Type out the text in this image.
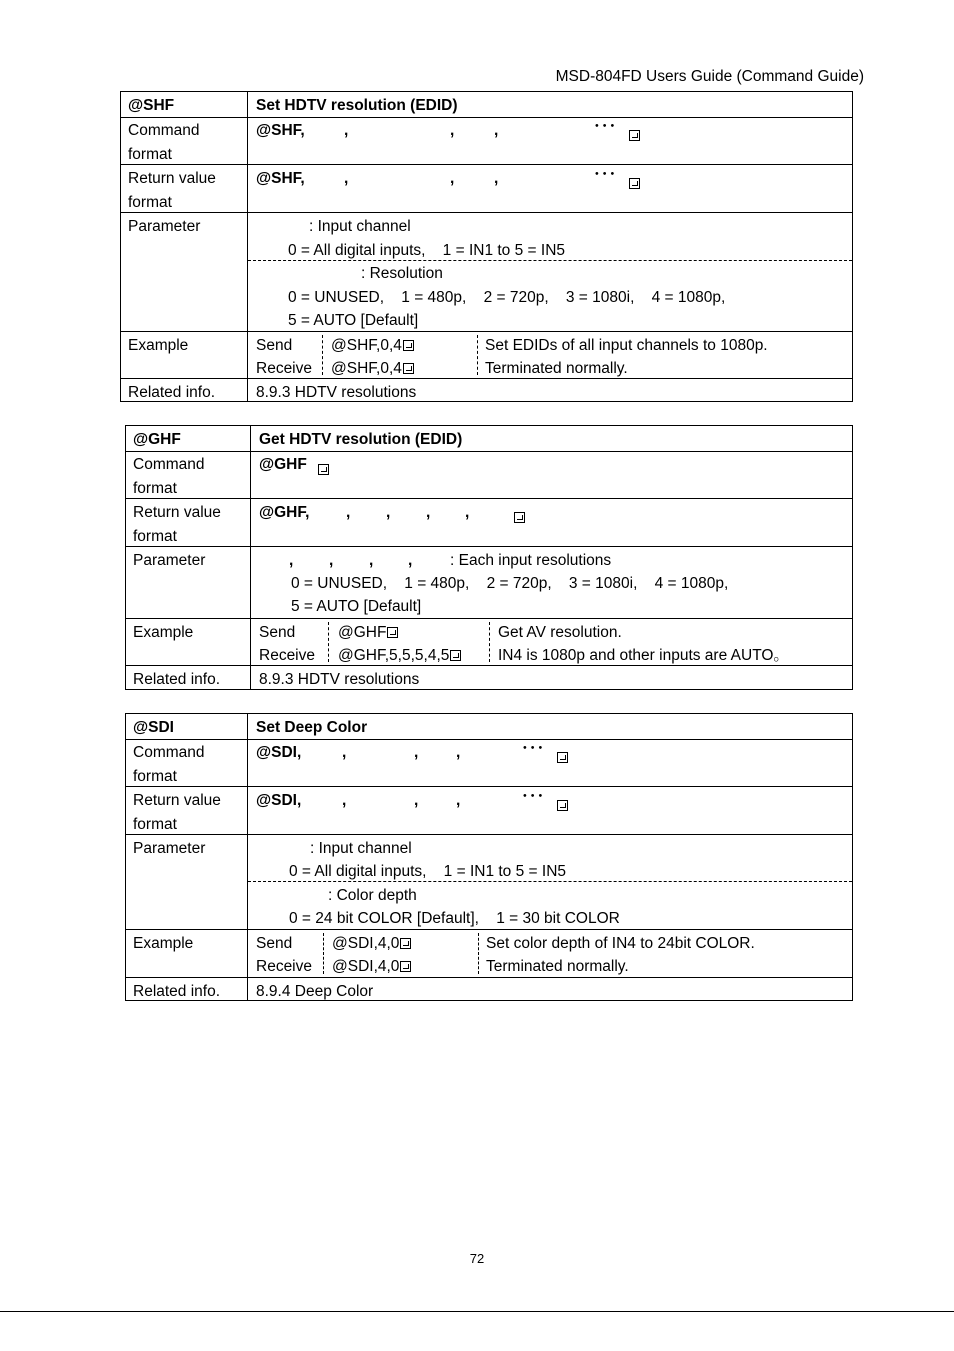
MSD-804FD Users Guide (Command Guide)
@SHF	Set HDTV resolution (EDID)
Command format
@SHF,	,	,	,	･･･
Return value format
@SHF,	,	,	,	･･･
Parameter	: Input channel
0 = All digital inputs,    1 = IN1 to 5 = IN5
: Resolution
0 = UNUSED,    1 = 480p,    2 = 720p,    3 = 1080i,    4 = 1080p,
5 = AUTO [Default]
Example	Send	@SHF,0,4	Set EDIDs of all input channels to 1080p.
Receive @SHF,0,4	Terminated normally.
Related info.	8.9.3 HDTV resolutions
@GHF	Get HDTV resolution (EDID)
Command format
@GHF
Return value format
@GHF, , , , ,
Parameter	, , , , : Each input resolutions
0 = UNUSED,    1 = 480p,    2 = 720p,    3 = 1080i,    4 = 1080p,
5 = AUTO [Default]
Example	Send	@GHF	Get AV resolution.
Receive @GHF,5,5,5,4,5	IN4 is 1080p and other inputs are AUTO。
Related info.	8.9.3 HDTV resolutions
@SDI	Set Deep Color
Command format
@SDI,	,	, ,	･･･
Return value format
@SDI,	,	, ,	･･･
Parameter	: Input channel
0 = All digital inputs,    1 = IN1 to 5 = IN5
: Color depth
0 = 24 bit COLOR [Default],    1 = 30 bit COLOR
Example	Send	@SDI,4,0	Set color depth of IN4 to 24bit COLOR.
Receive @SDI,4,0	Terminated normally.
Related info.	8.9.4 Deep Color
72
